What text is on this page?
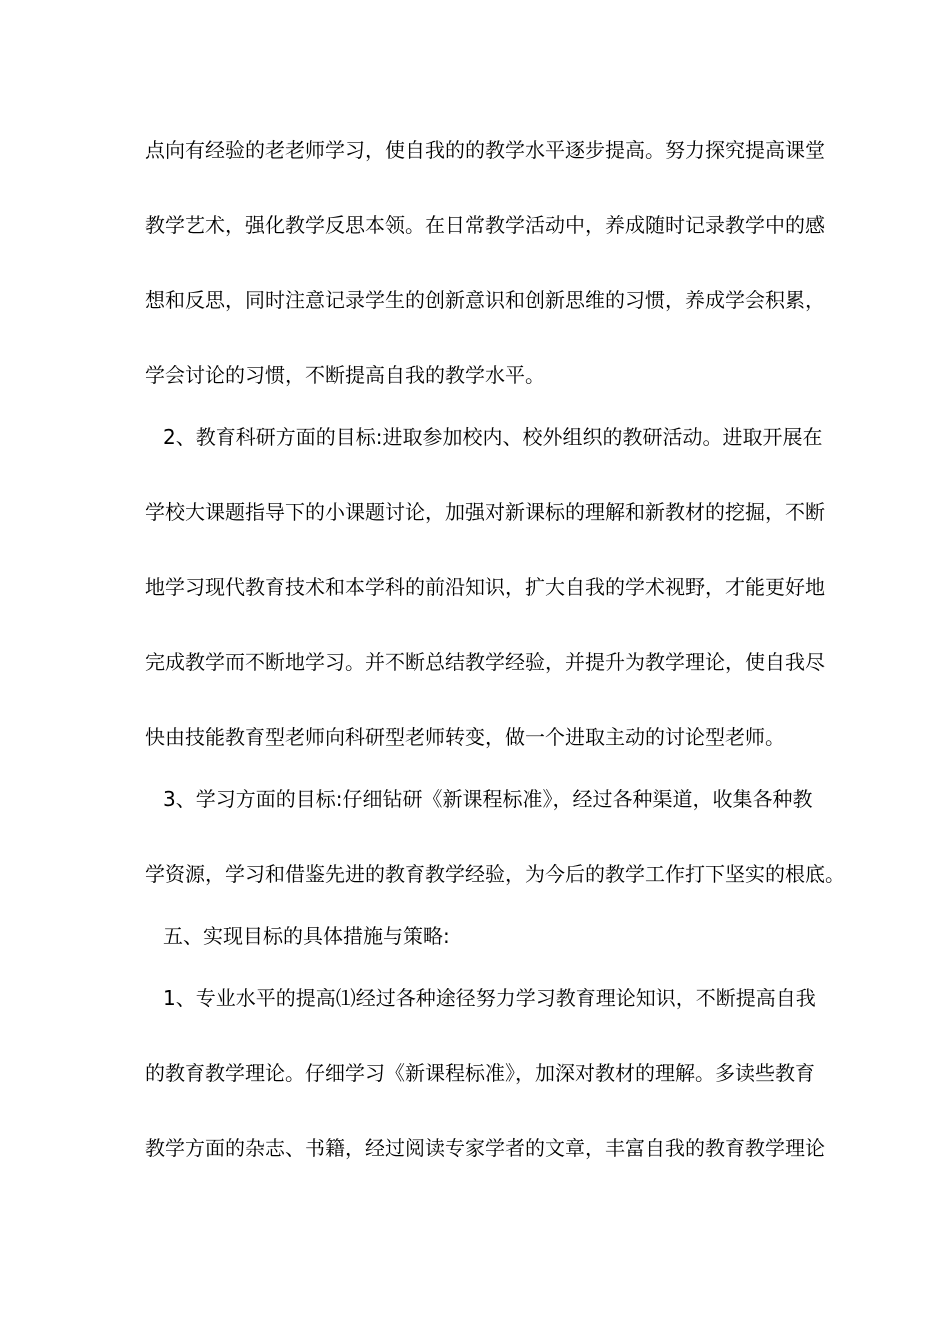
点向有经验的老老师学习，使自我的的教学水平逐步提高。努力探究提高课堂
教学艺术，强化教学反思本领。在日常教学活动中，养成随时记录教学中的感
想和反思，同时注意记录学生的创新意识和创新思维的习惯，养成学会积累，
学会讨论的习惯，不断提高自我的教学水平。
2、教育科研方面的目标:进取参加校内、校外组织的教研活动。进取开展在
学校大课题指导下的小课题讨论，加强对新课标的理解和新教材的挖掘，不断
地学习现代教育技术和本学科的前沿知识，扩大自我的学术视野，才能更好地
完成教学而不断地学习。并不断总结教学经验，并提升为教学理论，使自我尽
快由技能教育型老师向科研型老师转变，做一个进取主动的讨论型老师。
3、学习方面的目标:仔细钻研《新课程标准》，经过各种渠道，收集各种教
学资源，学习和借鉴先进的教育教学经验，为今后的教学工作打下坚实的根底。
五、实现目标的具体措施与策略:
1、专业水平的提高⑴经过各种途径努力学习教育理论知识，不断提高自我
的教育教学理论。仔细学习《新课程标准》，加深对教材的理解。多读些教育
教学方面的杂志、书籍，经过阅读专家学者的文章，丰富自我的教育教学理论
